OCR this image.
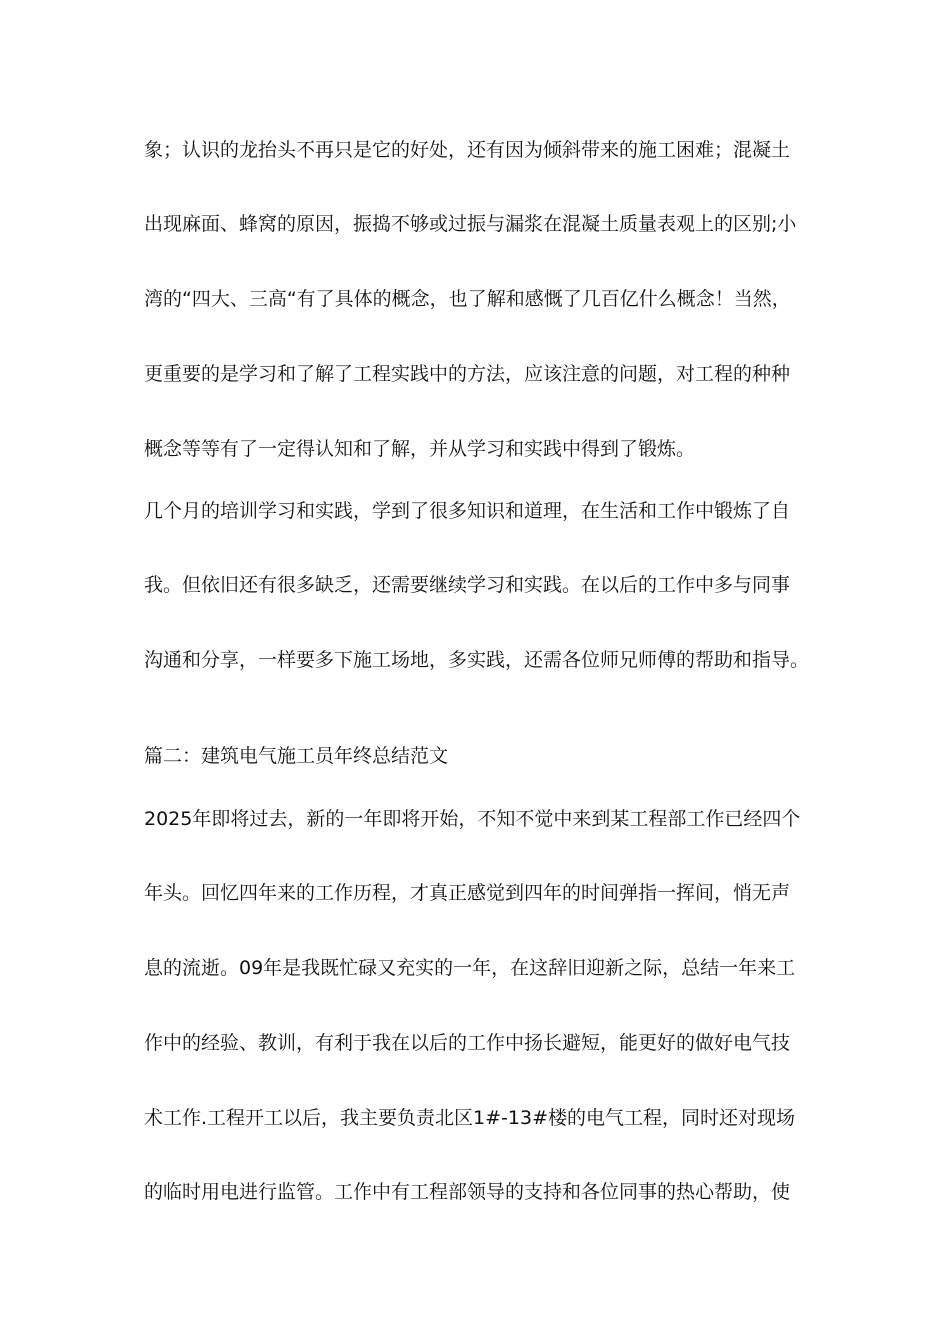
象；认识的龙抬头不再只是它的好处，还有因为倾斜带来的施工困难；混凝土
出现麻面、蜂窝的原因，振捣不够或过振与漏浆在混凝土质量表观上的区别;小
湾的“四大、三高“有了具体的概念，也了解和感慨了几百亿什么概念！当然，
更重要的是学习和了解了工程实践中的方法，应该注意的问题，对工程的种种
概念等等有了一定得认知和了解，并从学习和实践中得到了锻炼。
几个月的培训学习和实践，学到了很多知识和道理，在生活和工作中锻炼了自
我。但依旧还有很多缺乏，还需要继续学习和实践。在以后的工作中多与同事
沟通和分享，一样要多下施工场地，多实践，还需各位师兄师傅的帮助和指导。
篇二：建筑电气施工员年终总结范文
2025年即将过去，新的一年即将开始，不知不觉中来到某工程部工作已经四个
年头。回忆四年来的工作历程，才真正感觉到四年的时间弹指一挥间，悄无声
息的流逝。09年是我既忙碌又充实的一年，在这辞旧迎新之际，总结一年来工
作中的经验、教训，有利于我在以后的工作中扬长避短，能更好的做好电气技
术工作.工程开工以后，我主要负责北区1#-13#楼的电气工程，同时还对现场
的临时用电进行监管。工作中有工程部领导的支持和各位同事的热心帮助，使
